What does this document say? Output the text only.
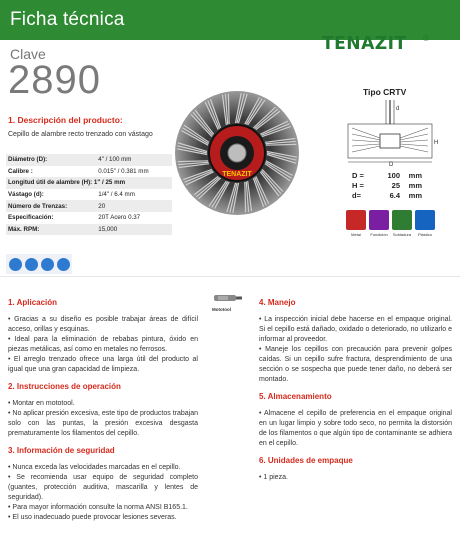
Ficha técnica
Clave
2890
TENAZIT ®
1. Descripción del producto:
Cepillo de alambre recto trenzado con vástago
Diámetro (D):	4" / 100 mm
Calibre :	0.015" / 0.381 mm
Longitud útil de alambre (H): 1" / 25 mm	
Vástago (d):	1/4" / 6.4 mm
Número de Trenzas:	20
Especificación:	20T Acero 0.37
Máx. RPM:	15,000
TENAZIT
Tipo CRTV
D
H
d
D =	100	mm
H =	25	mm
d=	6.4	mm
Metal	Fundición	Soldadura	Plástico
Mototool

1. Aplicación

• Gracias a su diseño es posible trabajar áreas de difícil acceso, orillas y esquinas.

• Ideal para la eliminación de rebabas pintura, óxido en piezas metálicas, así como en metales no ferrosos.

• El arreglo trenzado ofrece una larga útil del producto al igual que una gran capacidad de limpieza.

2. Instrucciones de operación

• Montar en mototool.

• No aplicar presión excesiva, este tipo de productos trabajan solo con las puntas, la presión excesiva desgasta prematuramente los filamentos del cepillo.

3. Información de seguridad

• Nunca exceda las velocidades marcadas en el cepillo.

• Se recomienda usar equipo de seguridad completo (guantes, protección auditiva, mascarilla y lentes de seguridad).

• Para mayor información consulte la norma ANSI B165.1.

• El uso inadecuado puede provocar lesiones severas.

4. Manejo

• La inspección inicial debe hacerse en el empaque original. Si el cepillo está dañado, oxidado o deteriorado, no utilizarlo e informar al proveedor.

• Maneje los cepillos con precaución para prevenir golpes caídas. Si un cepillo sufre fractura, desprendimiento de una sección o se sospecha que puede tener daño, no deberá ser montado.

5. Almacenamiento

• Almacene el cepillo de preferencia en el empaque original en un lugar limpio y sobre todo seco, no permita la distorsión de los filamentos o que algún tipo de contaminante se adhiera en el cepillo.

6. Unidades de empaque

• 1 pieza.
